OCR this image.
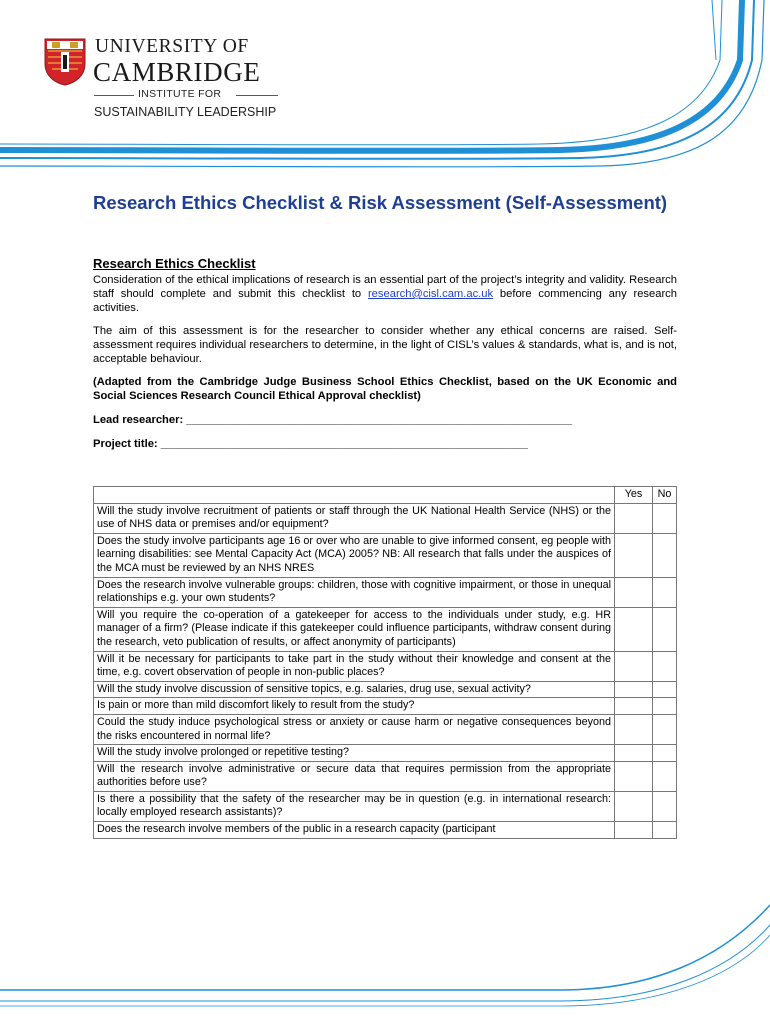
UNIVERSITY OF
CAMBRIDGE
INSTITUTE FOR
SUSTAINABILITY LEADERSHIP
Research Ethics Checklist & Risk Assessment (Self-Assessment)
Research Ethics Checklist
Consideration of the ethical implications of research is an essential part of the project’s integrity and validity. Research staff should complete and submit this checklist to research@cisl.cam.ac.uk before commencing any research activities.
The aim of this assessment is for the researcher to consider whether any ethical concerns are raised. Self-assessment requires individual researchers to determine, in the light of CISL’s values & standards, what is, and is not, acceptable behaviour.
(Adapted from the Cambridge Judge Business School Ethics Checklist, based on the UK Economic and Social Sciences Research Council Ethical Approval checklist)
Lead researcher: ______________________________________________________________
Project title: ___________________________________________________________
	Yes	No
Will the study involve recruitment of patients or staff through the UK National Health Service (NHS) or the use of NHS data or premises and/or equipment?		
Does the study involve participants age 16 or over who are unable to give informed consent, eg people with learning disabilities: see Mental Capacity Act (MCA) 2005? NB: All research that falls under the auspices of the MCA must be reviewed by an NHS NRES		
Does the research involve vulnerable groups: children, those with cognitive impairment, or those in unequal relationships e.g. your own students?		
Will you require the co-operation of a gatekeeper for access to the individuals under study, e.g. HR manager of a firm? (Please indicate if this gatekeeper could influence participants, withdraw consent during the research, veto publication of results, or affect anonymity of participants)		
Will it be necessary for participants to take part in the study without their knowledge and consent at the time, e.g. covert observation of people in non-public places?		
Will the study involve discussion of sensitive topics, e.g. salaries, drug use, sexual activity?		
Is pain or more than mild discomfort likely to result from the study?		
Could the study induce psychological stress or anxiety or cause harm or negative consequences beyond the risks encountered in normal life?		
Will the study involve prolonged or repetitive testing?		
Will the research involve administrative or secure data that requires permission from the appropriate authorities before use?		
Is there a possibility that the safety of the researcher may be in question (e.g. in international research: locally employed research assistants)?		
Does the research involve members of the public in a research capacity (participant		
